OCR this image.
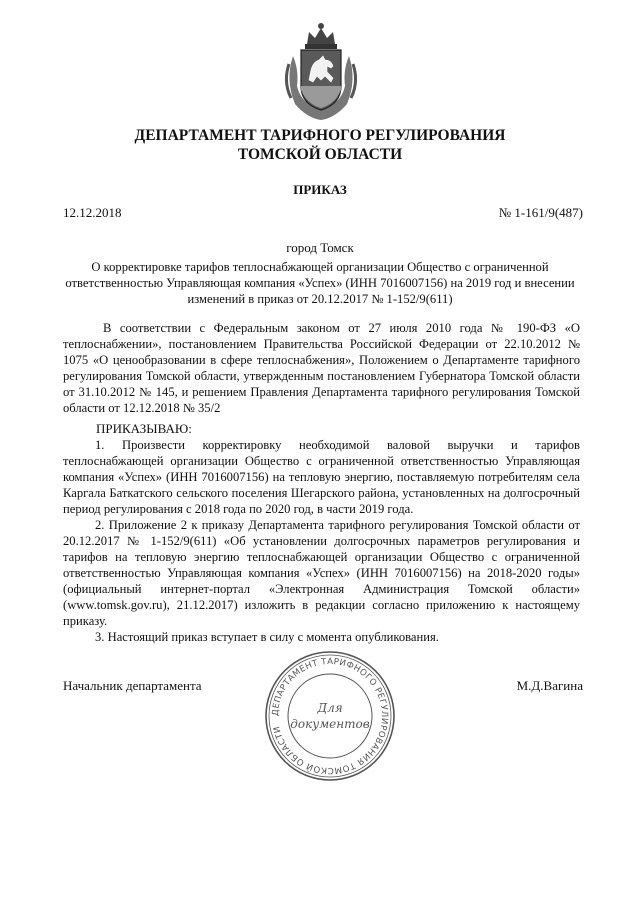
ДЕПАРТАМЕНТ ТАРИФНОГО РЕГУЛИРОВАНИЯ
ТОМСКОЙ ОБЛАСТИ
ПРИКАЗ
12.12.2018	№ 1-161/9(487)
город Томск
О корректировке тарифов теплоснабжающей организации Общество с ограниченной
ответственностью Управляющая компания «Успех» (ИНН 7016007156) на 2019 год и внесении
изменений в приказ от 20.12.2017 № 1-152/9(611)

В соответствии с Федеральным законом от 27 июля 2010 года № 190-ФЗ «О теплоснабжении», постановлением Правительства Российской Федерации от 22.10.2012 № 1075 «О ценообразовании в сфере теплоснабжения», Положением о Департаменте тарифного регулирования Томской области, утвержденным постановлением Губернатора Томской области от 31.10.2012 № 145, и решением Правления Департамента тарифного регулирования Томской области от 12.12.2018 № 35/2

ПРИКАЗЫВАЮ:

1. Произвести корректировку необходимой валовой выручки и тарифов теплоснабжающей организации Общество с ограниченной ответственностью Управляющая компания «Успех» (ИНН 7016007156) на тепловую энергию, поставляемую потребителям села Каргала Баткатского сельского поселения Шегарского района, установленных на долгосрочный период регулирования с 2018 года по 2020 год, в части 2019 года.

2. Приложение 2 к приказу Департамента тарифного регулирования Томской области от 20.12.2017 № 1-152/9(611) «Об установлении долгосрочных параметров регулирования и тарифов на тепловую энергию теплоснабжающей организации Общество с ограниченной ответственностью Управляющая компания «Успех» (ИНН 7016007156) на 2018-2020 годы» (официальный интернет-портал «Электронная Администрация Томской области» (www.tomsk.gov.ru), 21.12.2017) изложить в редакции согласно приложению к настоящему приказу.

3. Настоящий приказ вступает в силу с момента опубликования.

Начальник департамента	М.Д.Вагина
ДЕПАРТАМЕНТ ТАРИФНОГО РЕГУЛИРОВАНИЯ ТОМСКОЙ ОБЛАСТИ
Для
документов
